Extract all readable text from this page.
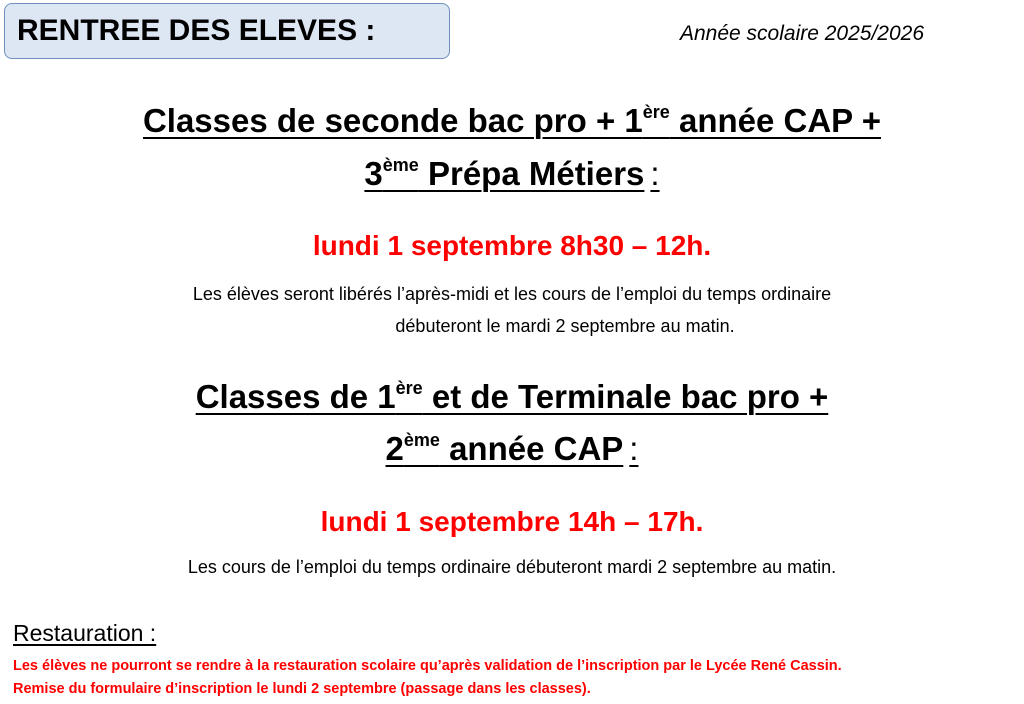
RENTREE DES ELEVES :	Année scolaire 2025/2026
Classes de seconde bac pro + 1ère année CAP +
3ème Prépa Métiers :
lundi 1 septembre 8h30 – 12h.
Les élèves seront libérés l’après-midi et les cours de l’emploi du temps ordinaire
débuteront le mardi 2 septembre au matin.
Classes de 1ère et de Terminale bac pro +
2ème année CAP :
lundi 1 septembre 14h – 17h.
Les cours de l’emploi du temps ordinaire débuteront mardi 2 septembre au matin.
Restauration :
Les élèves ne pourront se rendre à la restauration scolaire qu’après validation de l’inscription par le Lycée René Cassin.
Remise du formulaire d’inscription le lundi 2 septembre (passage dans les classes).
